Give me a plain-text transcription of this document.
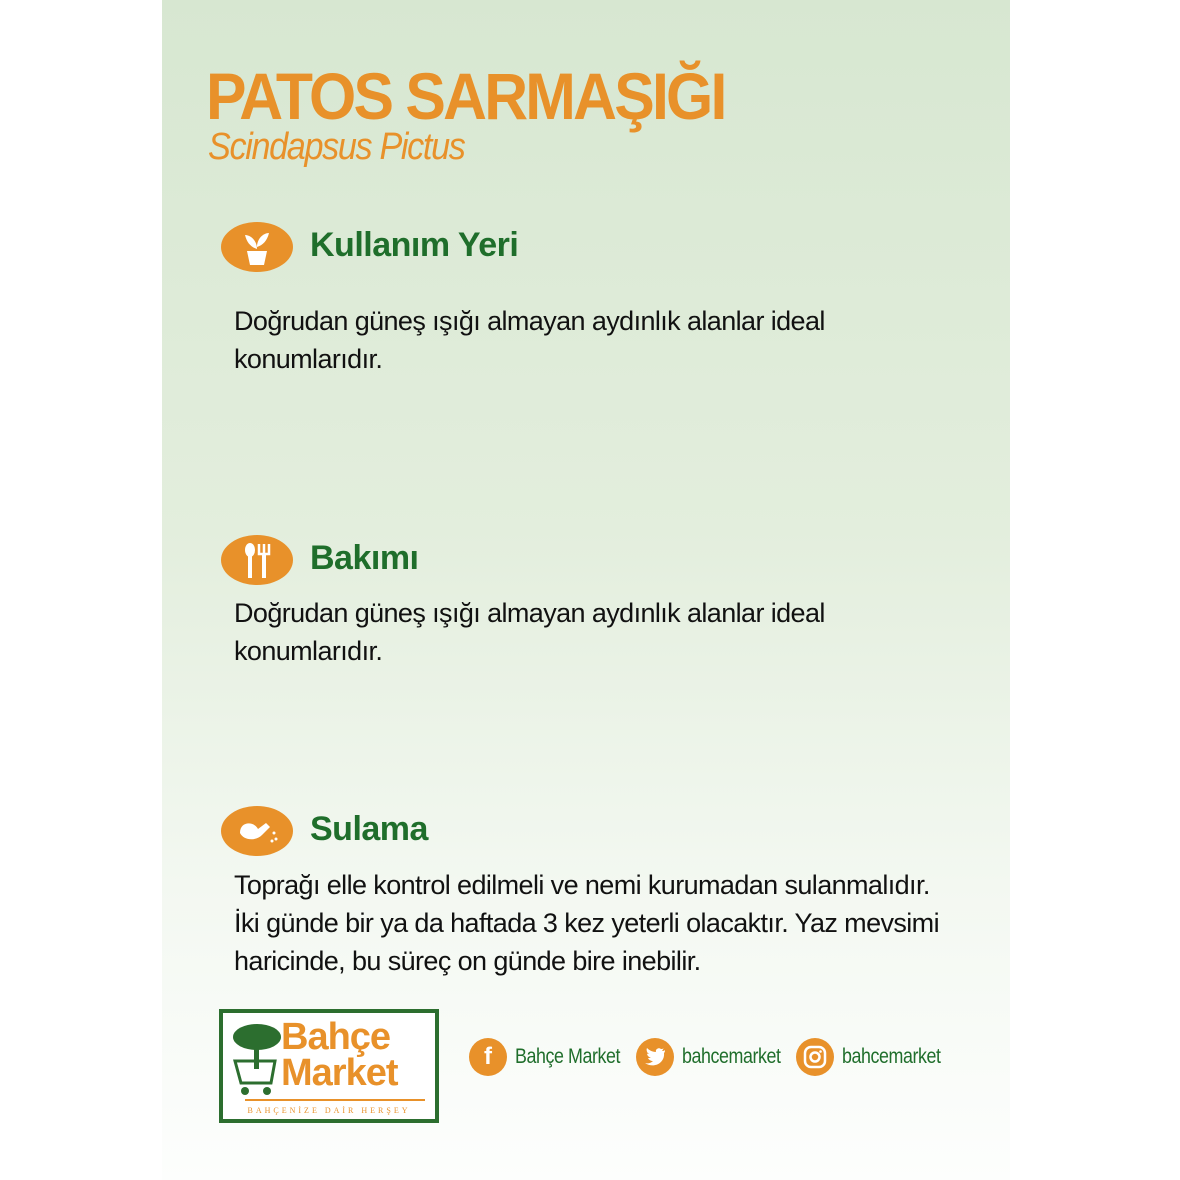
PATOS SARMAŞIĞI
Scindapsus Pictus
Kullanım Yeri
Doğrudan güneş ışığı almayan aydınlık alanlar ideal
konumlarıdır.
Bakımı
Doğrudan güneş ışığı almayan aydınlık alanlar ideal
konumlarıdır.
Sulama
Toprağı elle kontrol edilmeli ve nemi kurumadan sulanmalıdır.
İki günde bir ya da haftada 3 kez yeterli olacaktır. Yaz mevsimi
haricinde, bu süreç on günde bire inebilir.
Bahçe
Market
BAHÇENİZE DAİR HERŞEY
f	Bahçe Market	bahcemarket	bahcemarket
